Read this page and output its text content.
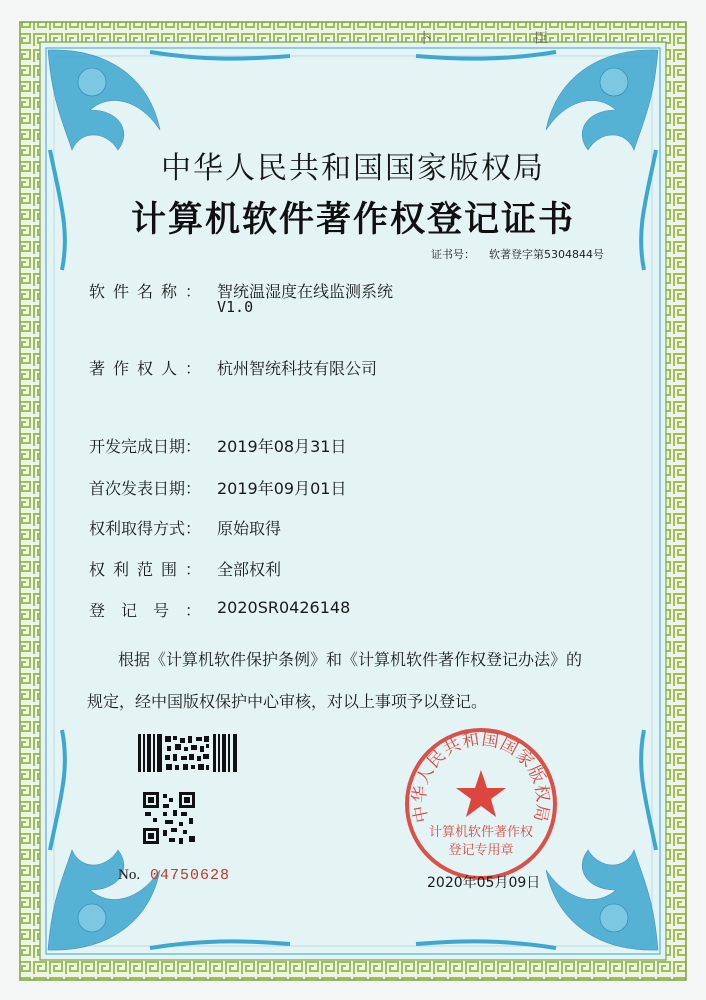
卜	臣
中华人民共和国国家版权局
计算机软件著作权登记证书
证书号： 软著登字第5304844号
软件名称： 智统温湿度在线监测系统
V1.0
著作权人： 杭州智统科技有限公司
开发完成日期： 2019年08月31日
首次发表日期： 2019年09月01日
权利取得方式： 原始取得
权利范围： 全部权利
登记号： 2020SR0426148
根据《计算机软件保护条例》和《计算机软件著作权登记办法》的
规定，经中国版权保护中心审核，对以上事项予以登记。
No. 04750628
中华人民共和国国家版权局
计算机软件著作权
登记专用章
2020年05月09日
